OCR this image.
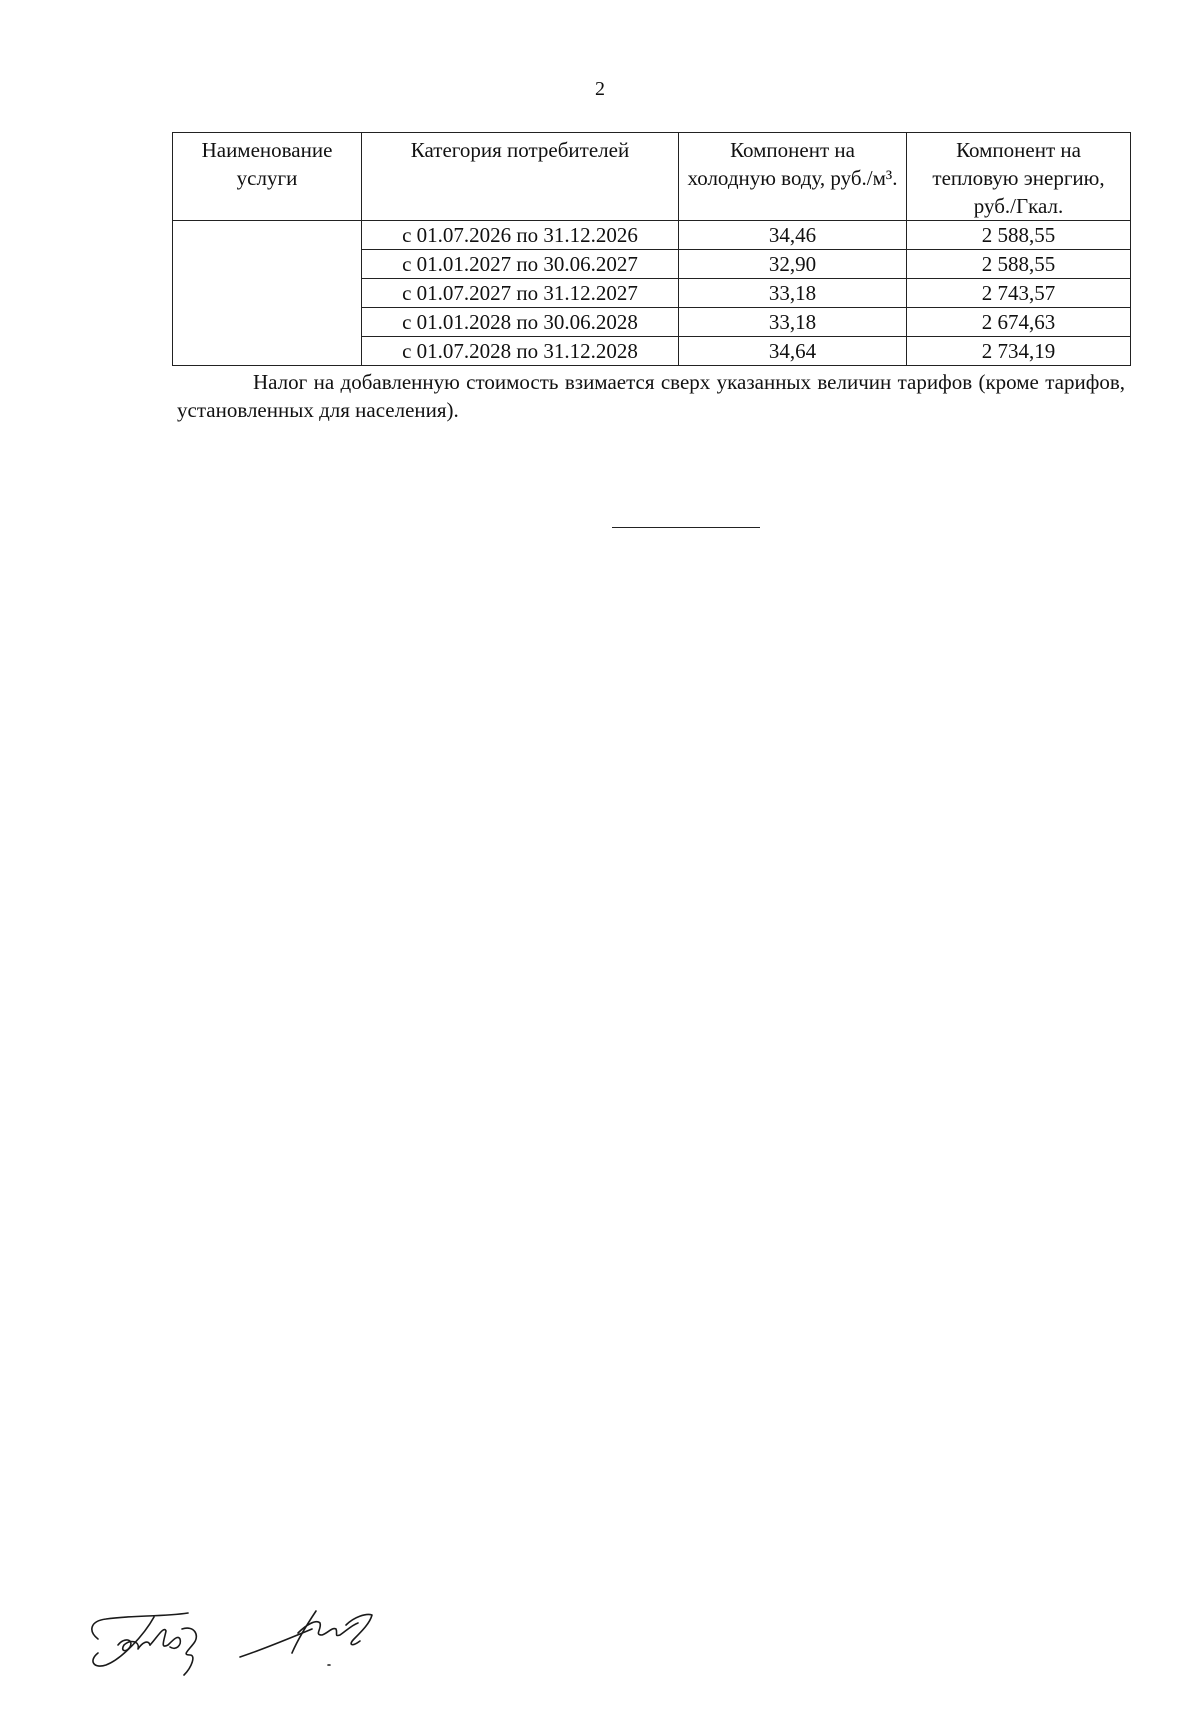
2
Наименование услуги	Категория потребителей	Компонент на холодную воду, руб./м³.	Компонент на тепловую энергию, руб./Гкал.
	с 01.07.2026 по 31.12.2026	34,46	2 588,55
	с 01.01.2027 по 30.06.2027	32,90	2 588,55
	с 01.07.2027 по 31.12.2027	33,18	2 743,57
	с 01.01.2028 по 30.06.2028	33,18	2 674,63
	с 01.07.2028 по 31.12.2028	34,64	2 734,19

Налог на добавленную стоимость взимается сверх указанных величин тарифов (кроме тарифов, установленных для населения).
